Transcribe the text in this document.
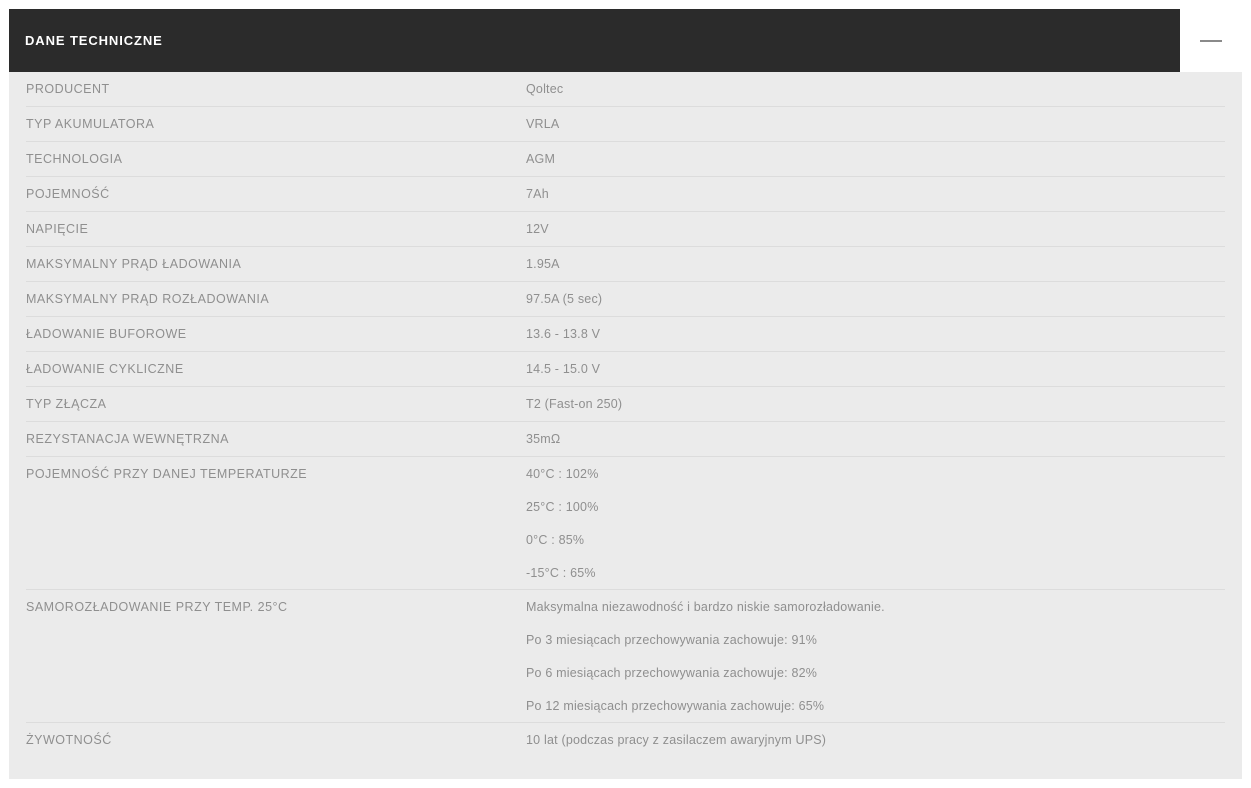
DANE TECHNICZNE
PRODUCENT	Qoltec
TYP AKUMULATORA	VRLA
TECHNOLOGIA	AGM
POJEMNOŚĆ	7Ah
NAPIĘCIE	12V
MAKSYMALNY PRĄD ŁADOWANIA	1.95A
MAKSYMALNY PRĄD ROZŁADOWANIA	97.5A (5 sec)
ŁADOWANIE BUFOROWE	13.6 - 13.8 V
ŁADOWANIE CYKLICZNE	14.5 - 15.0 V
TYP ZŁĄCZA	T2 (Fast-on 250)
REZYSTANACJA WEWNĘTRZNA	35mΩ
POJEMNOŚĆ PRZY DANEJ TEMPERATURZE	40°C : 102%
25°C : 100%
0°C : 85%
-15°C : 65%
SAMOROZŁADOWANIE PRZY TEMP. 25°C	Maksymalna niezawodność i bardzo niskie samorozładowanie.
Po 3 miesiącach przechowywania zachowuje: 91%
Po 6 miesiącach przechowywania zachowuje: 82%
Po 12 miesiącach przechowywania zachowuje: 65%
ŻYWOTNOŚĆ	10 lat (podczas pracy z zasilaczem awaryjnym UPS)
